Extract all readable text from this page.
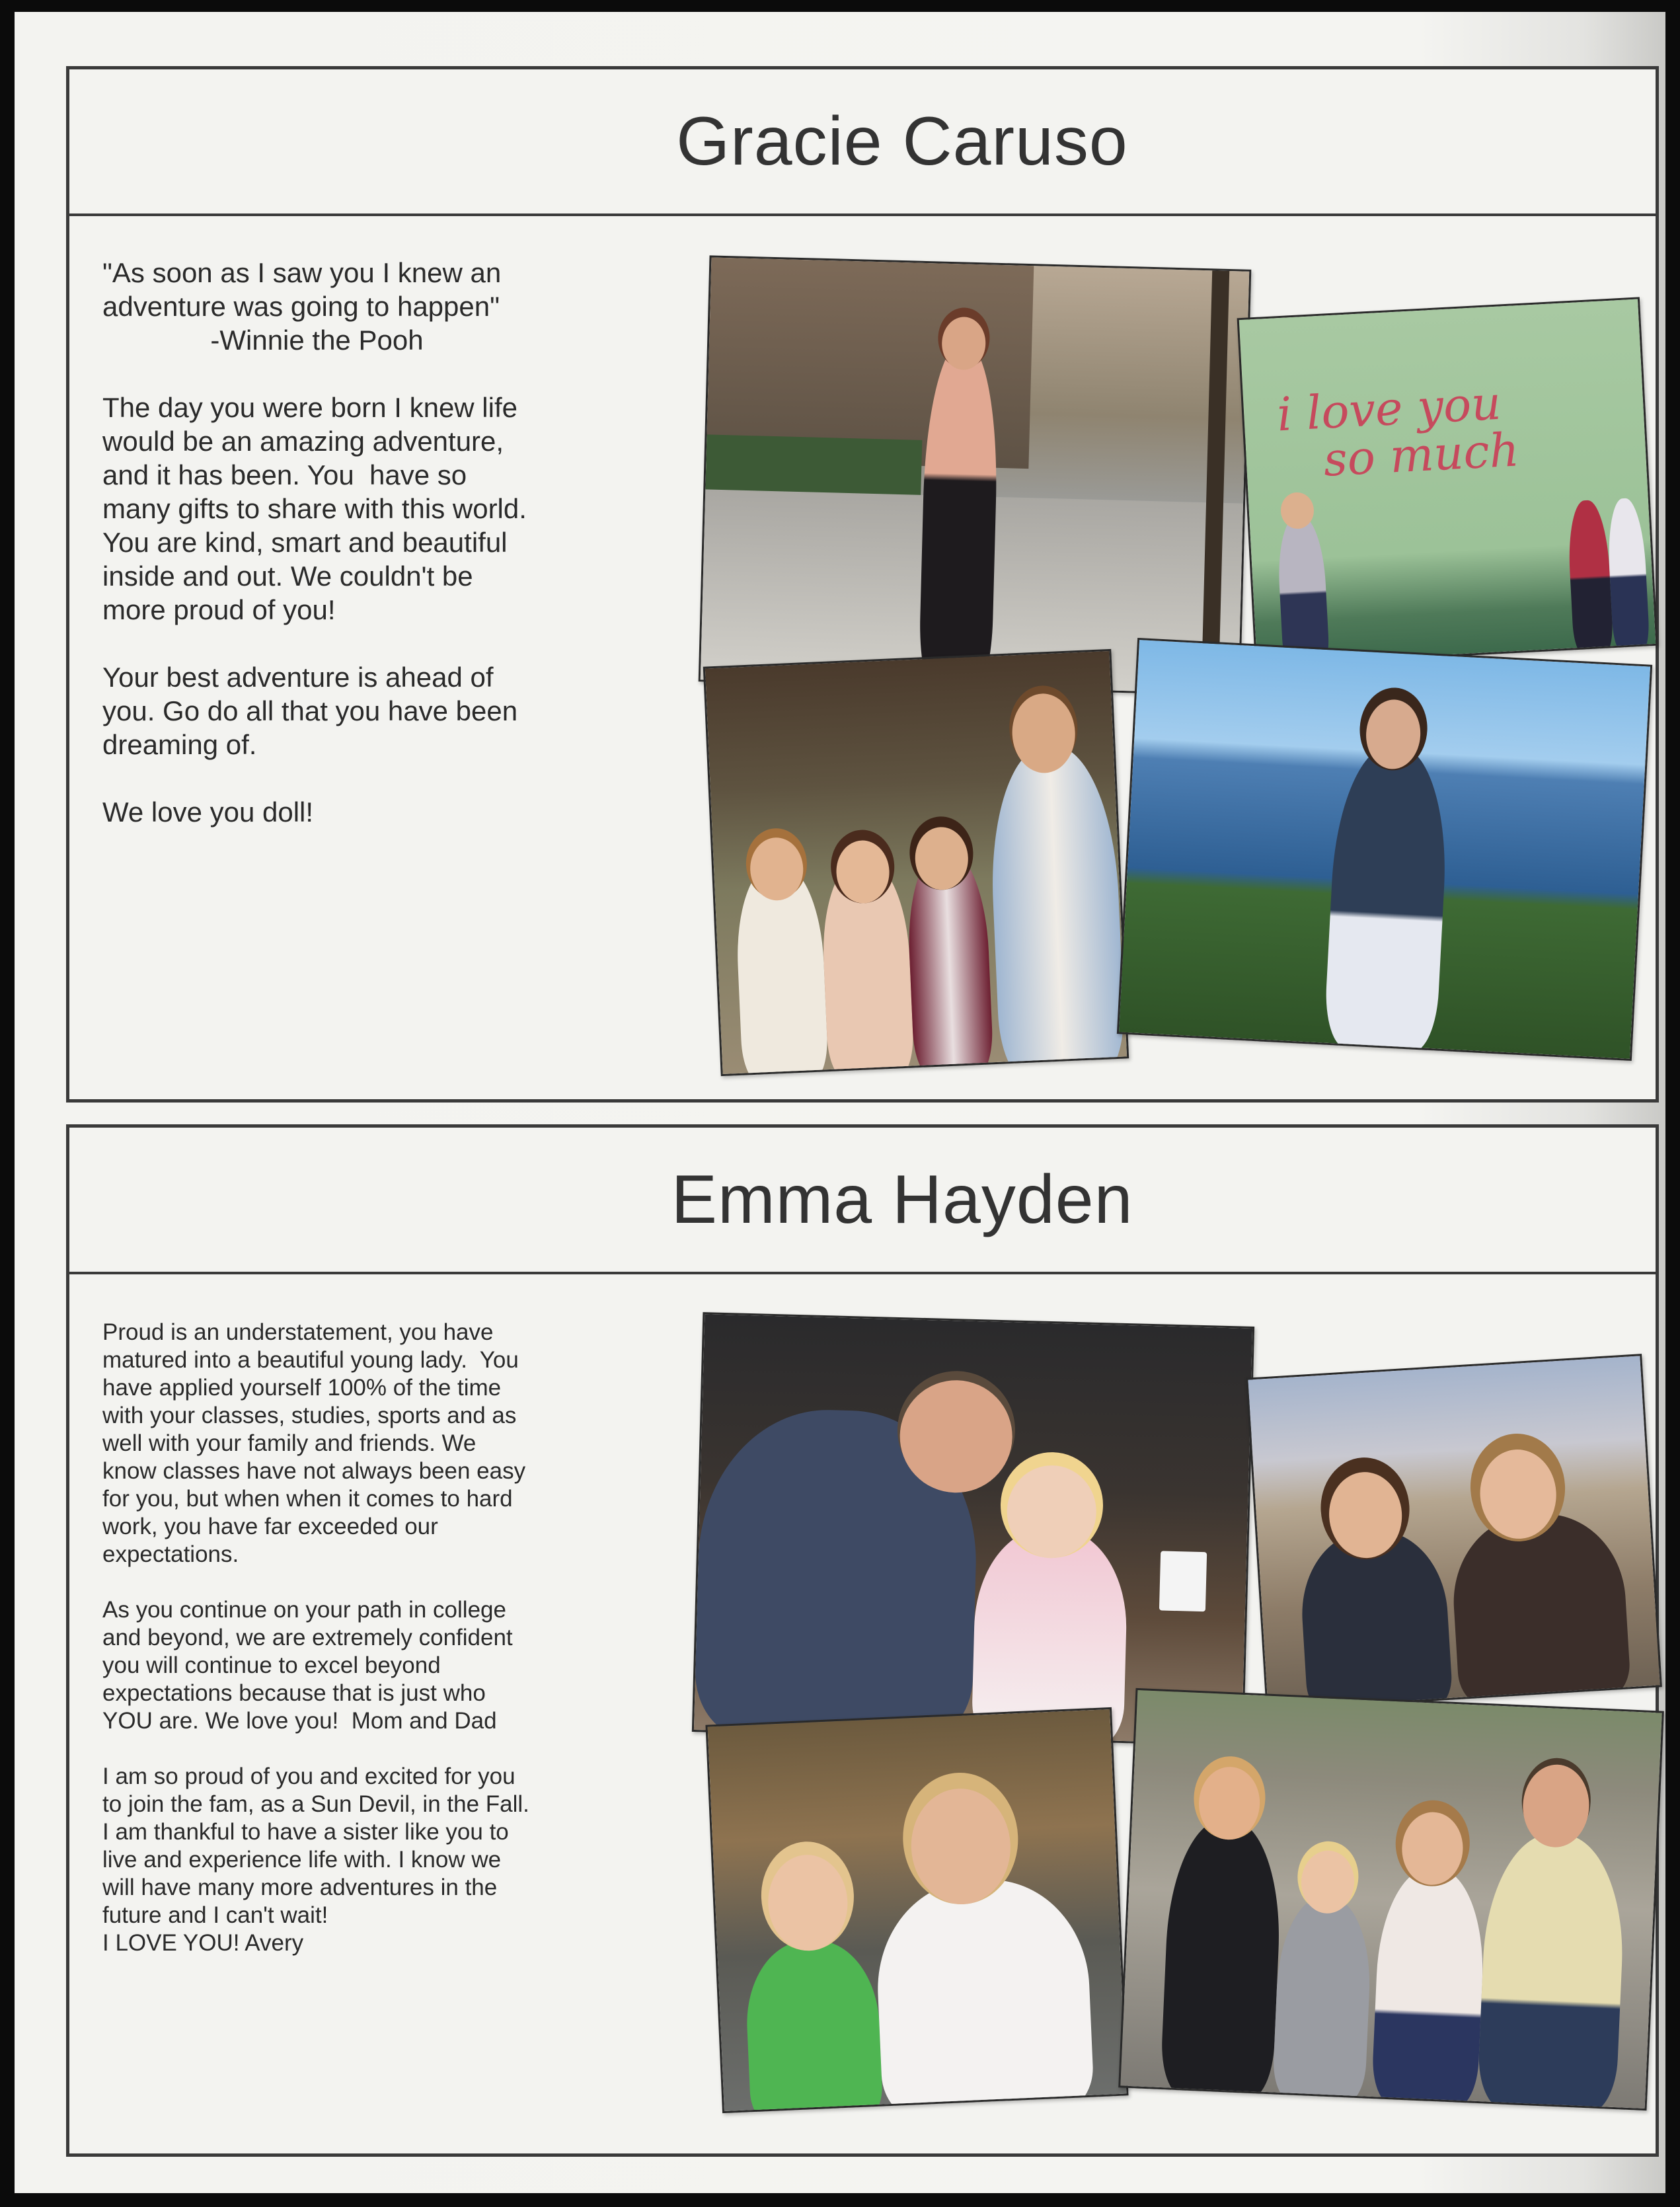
Gracie Caruso
"As soon as I saw you I knew an
adventure was going to happen"
-Winnie the Pooh

The day you were born I knew life
would be an amazing adventure,
and it has been. You  have so
many gifts to share with this world.
You are kind, smart and beautiful
inside and out. We couldn't be
more proud of you!

Your best adventure is ahead of
you. Go do all that you have been
dreaming of.

We love you doll!
i love you
so much
Emma Hayden
Proud is an understatement, you have
matured into a beautiful young lady.  You
have applied yourself 100% of the time
with your classes, studies, sports and as
well with your family and friends. We
know classes have not always been easy
for you, but when when it comes to hard
work, you have far exceeded our
expectations.

As you continue on your path in college
and beyond, we are extremely confident
you will continue to excel beyond
expectations because that is just who
YOU are. We love you!  Mom and Dad

I am so proud of you and excited for you
to join the fam, as a Sun Devil, in the Fall.
I am thankful to have a sister like you to
live and experience life with. I know we
will have many more adventures in the
future and I can't wait!
I LOVE YOU! Avery
